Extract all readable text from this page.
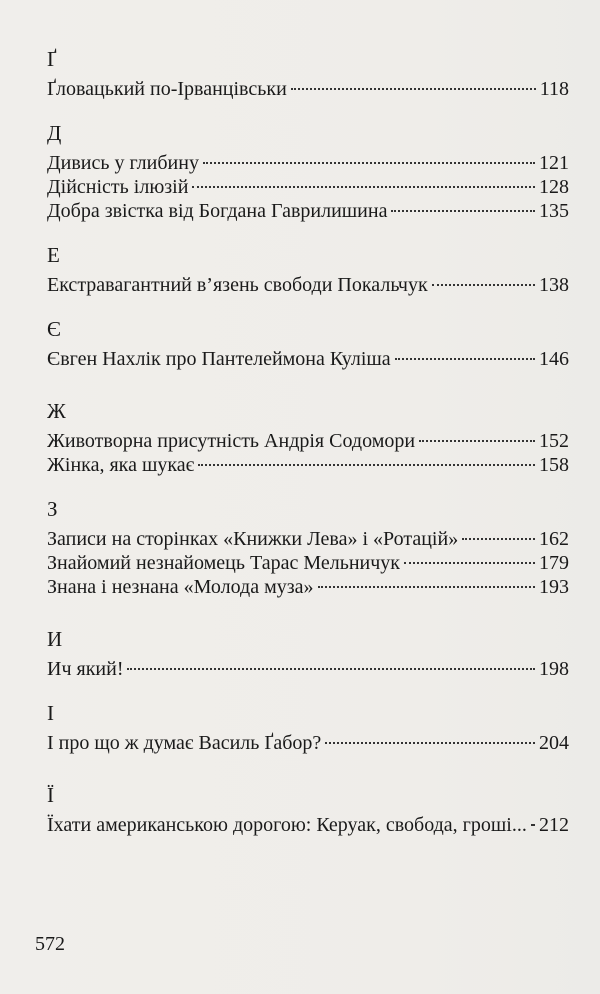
Ґ
Ґловацький по-Ірванцівськи	118
Д
Дивись у глибину	121
Дійсність ілюзій	128
Добра звістка від Богдана Гаврилишина	135
Е
Екстравагантний в’язень свободи Покальчук	138
Є
Євген Нахлік про Пантелеймона Куліша	146
Ж
Животворна присутність Андрія Содомори	152
Жінка, яка шукає	158
З
Записи на сторінках «Книжки Лева» і «Ротацій»	162
Знайомий незнайомець Тарас Мельничук	179
Знана і незнана «Молода муза»	193
И
Ич який!	198
І
І про що ж думає Василь Ґабор?	204
Ї
Їхати американською дорогою: Керуак, свобода, гроші... 212
572
